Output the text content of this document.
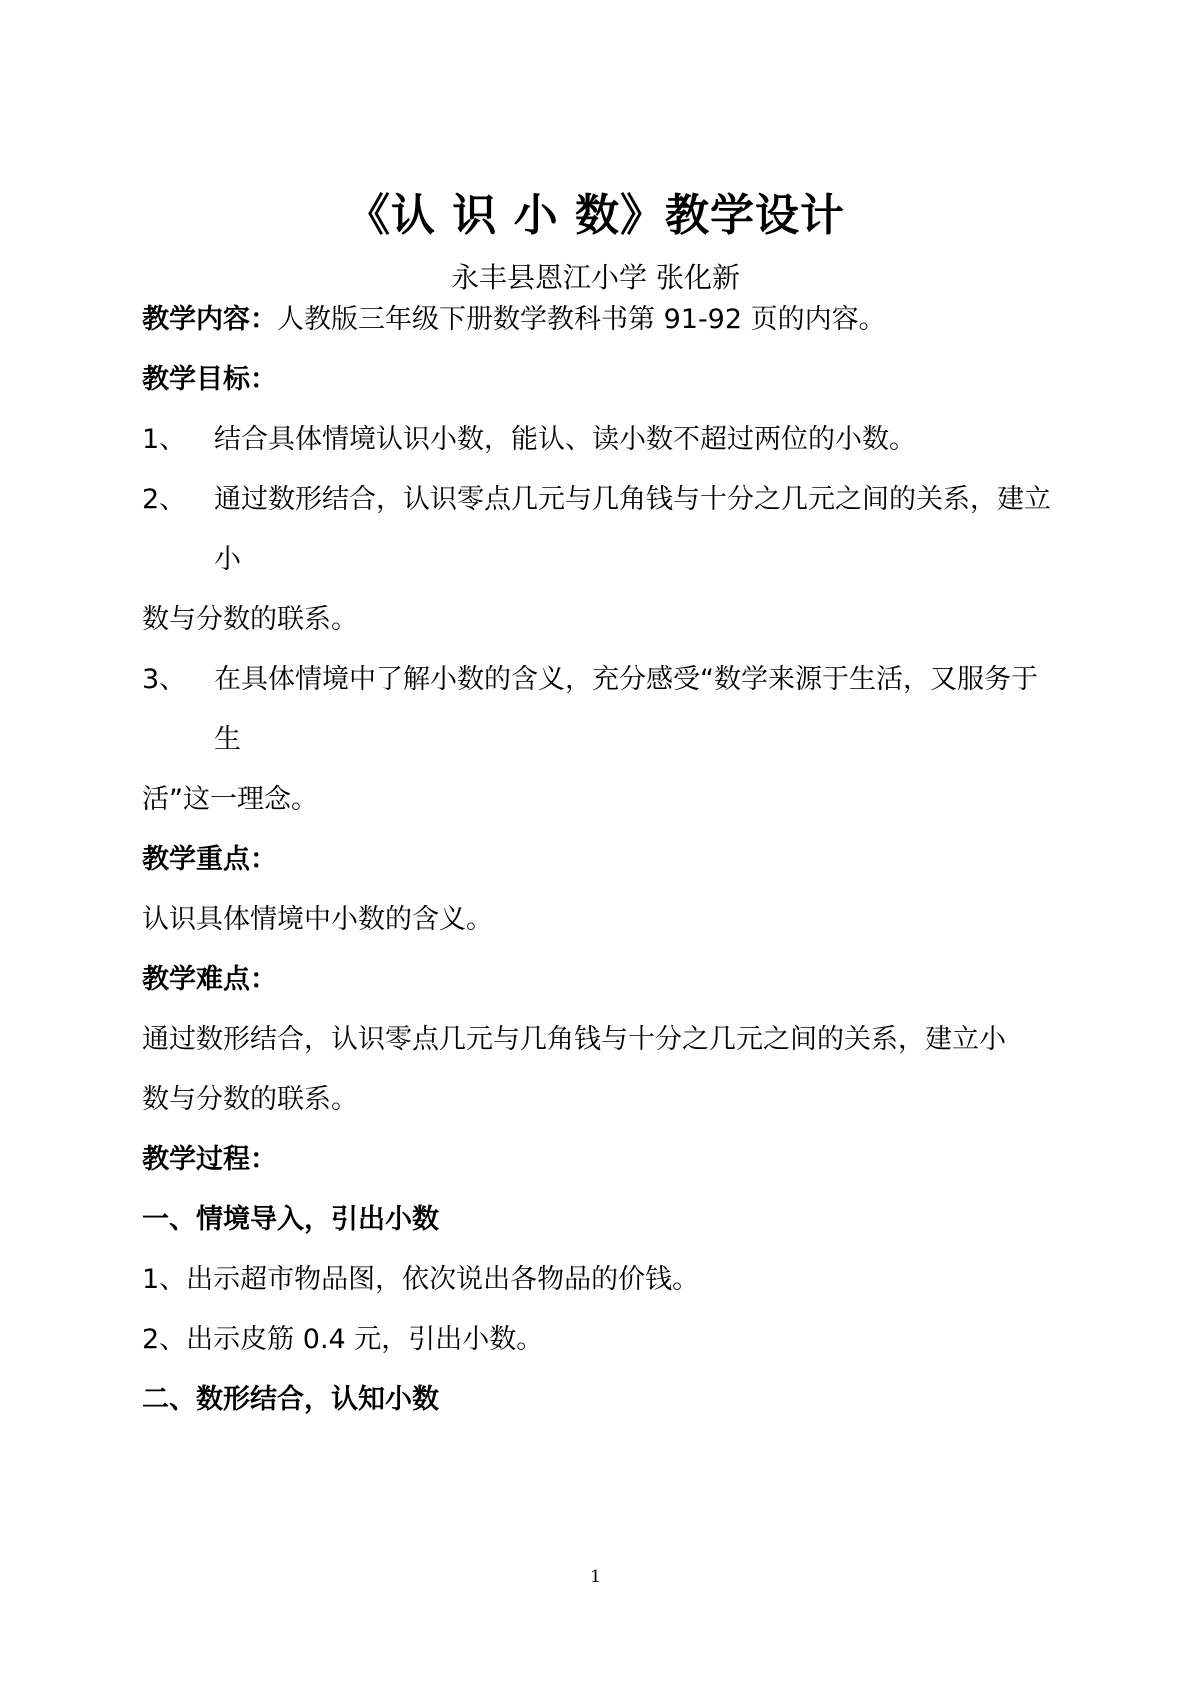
《认 识 小 数》教学设计
永丰县恩江小学 张化新
教学内容：人教版三年级下册数学教科书第 91-92 页的内容。
教学目标：
1、 结合具体情境认识小数，能认、读小数不超过两位的小数。
2、 通过数形结合，认识零点几元与几角钱与十分之几元之间的关系，建立
小
数与分数的联系。
3、 在具体情境中了解小数的含义，充分感受“数学来源于生活，又服务于
生
活”这一理念。
教学重点：
认识具体情境中小数的含义。
教学难点：
通过数形结合，认识零点几元与几角钱与十分之几元之间的关系，建立小
数与分数的联系。
教学过程：
一、情境导入，引出小数
1、出示超市物品图，依次说出各物品的价钱。
2、出示皮筋 0.4 元，引出小数。
二、数形结合，认知小数
1
